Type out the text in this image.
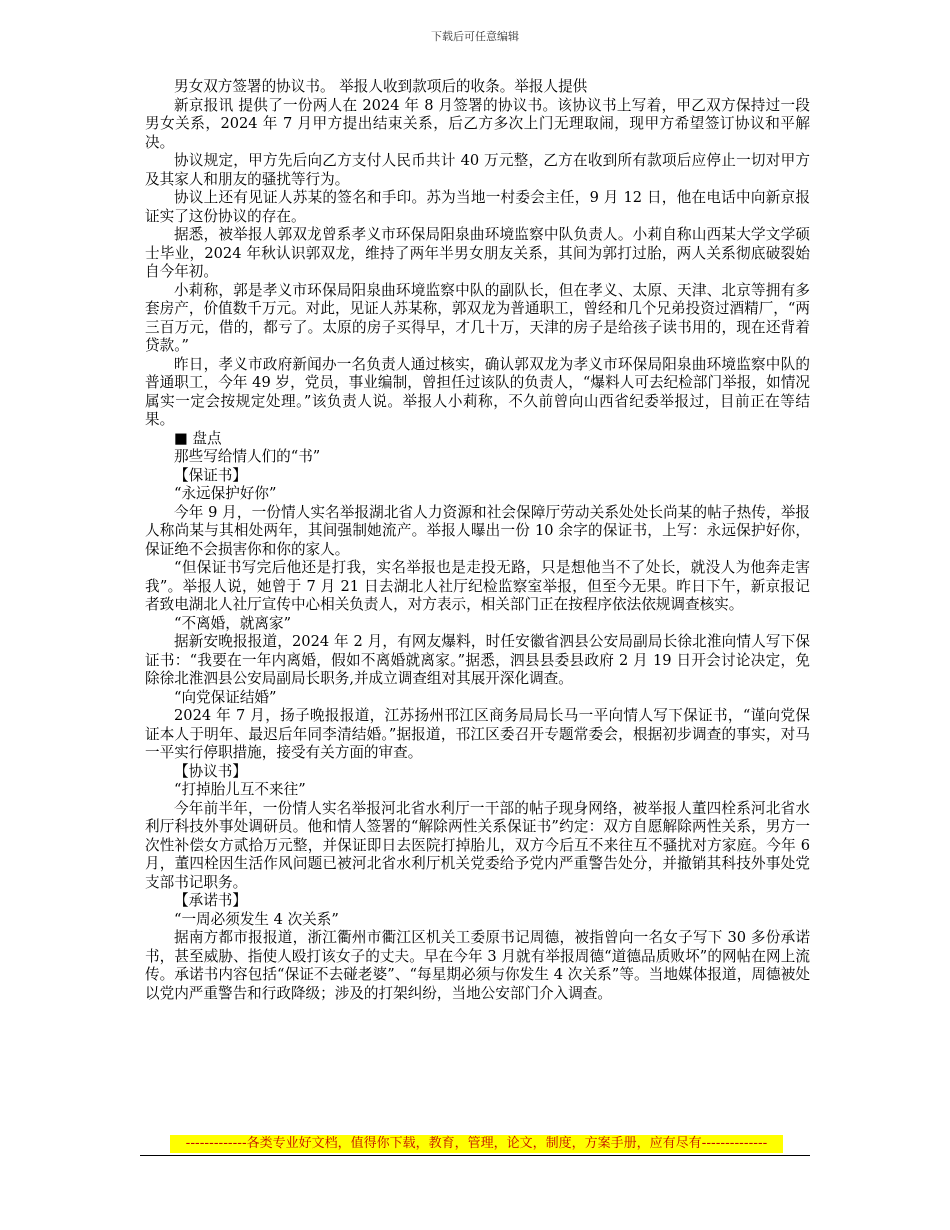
下载后可任意编辑

男女双方签署的协议书。 举报人收到款项后的收条。举报人提供

新京报讯 提供了一份两人在 2024 年 8 月签署的协议书。该协议书上写着，甲乙双方保持过一段男女关系，2024 年 7 月甲方提出结束关系，后乙方多次上门无理取闹，现甲方希望签订协议和平解决。

协议规定，甲方先后向乙方支付人民币共计 40 万元整，乙方在收到所有款项后应停止一切对甲方及其家人和朋友的骚扰等行为。

协议上还有见证人苏某的签名和手印。苏为当地一村委会主任，9 月 12 日，他在电话中向新京报证实了这份协议的存在。

据悉，被举报人郭双龙曾系孝义市环保局阳泉曲环境监察中队负责人。小莉自称山西某大学文学硕士毕业，2024 年秋认识郭双龙，维持了两年半男女朋友关系，其间为郭打过胎，两人关系彻底破裂始自今年初。

小莉称，郭是孝义市环保局阳泉曲环境监察中队的副队长，但在孝义、太原、天津、北京等拥有多套房产，价值数千万元。对此，见证人苏某称，郭双龙为普通职工，曾经和几个兄弟投资过酒精厂，“两三百万元，借的，都亏了。太原的房子买得早，才几十万，天津的房子是给孩子读书用的，现在还背着贷款。”

昨日，孝义市政府新闻办一名负责人通过核实，确认郭双龙为孝义市环保局阳泉曲环境监察中队的普通职工，今年 49 岁，党员，事业编制，曾担任过该队的负责人，“爆料人可去纪检部门举报，如情况属实一定会按规定处理。”该负责人说。举报人小莉称，不久前曾向山西省纪委举报过，目前正在等结果。

■ 盘点

那些写给情人们的“书”

【保证书】

“永远保护好你”

今年 9 月，一份情人实名举报湖北省人力资源和社会保障厅劳动关系处处长尚某的帖子热传，举报人称尚某与其相处两年，其间强制她流产。举报人曝出一份 10 余字的保证书，上写：永远保护好你，保证绝不会损害你和你的家人。

“但保证书写完后他还是打我，实名举报也是走投无路，只是想他当不了处长，就没人为他奔走害我”。举报人说，她曾于 7 月 21 日去湖北人社厅纪检监察室举报，但至今无果。昨日下午，新京报记者致电湖北人社厅宣传中心相关负责人，对方表示，相关部门正在按程序依法依规调查核实。

“不离婚，就离家”

据新安晚报报道，2024 年 2 月，有网友爆料，时任安徽省泗县公安局副局长徐北淮向情人写下保证书：“我要在一年内离婚，假如不离婚就离家。”据悉，泗县县委县政府 2 月 19 日开会讨论决定，免除徐北淮泗县公安局副局长职务,并成立调查组对其展开深化调查。

“向党保证结婚”

2024 年 7 月，扬子晚报报道，江苏扬州邗江区商务局局长马一平向情人写下保证书，“谨向党保证本人于明年、最迟后年同李清结婚。”据报道，邗江区委召开专题常委会，根据初步调查的事实，对马一平实行停职措施，接受有关方面的审查。

【协议书】

“打掉胎儿互不来往”

今年前半年，一份情人实名举报河北省水利厅一干部的帖子现身网络，被举报人董四栓系河北省水利厅科技外事处调研员。他和情人签署的“解除两性关系保证书”约定：双方自愿解除两性关系，男方一次性补偿女方贰拾万元整，并保证即日去医院打掉胎儿，双方今后互不来往互不骚扰对方家庭。今年 6 月，董四栓因生活作风问题已被河北省水利厅机关党委给予党内严重警告处分，并撤销其科技外事处党支部书记职务。

【承诺书】

“一周必须发生 4 次关系”

据南方都市报报道，浙江衢州市衢江区机关工委原书记周德，被指曾向一名女子写下 30 多份承诺书，甚至威胁、指使人殴打该女子的丈夫。早在今年 3 月就有举报周德“道德品质败坏”的网帖在网上流传。承诺书内容包括“保证不去碰老婆”、“每星期必须与你发生 4 次关系”等。当地媒体报道，周德被处以党内严重警告和行政降级；涉及的打架纠纷，当地公安部门介入调查。

-------------各类专业好文档，值得你下载，教育，管理，论文，制度，方案手册，应有尽有--------------
